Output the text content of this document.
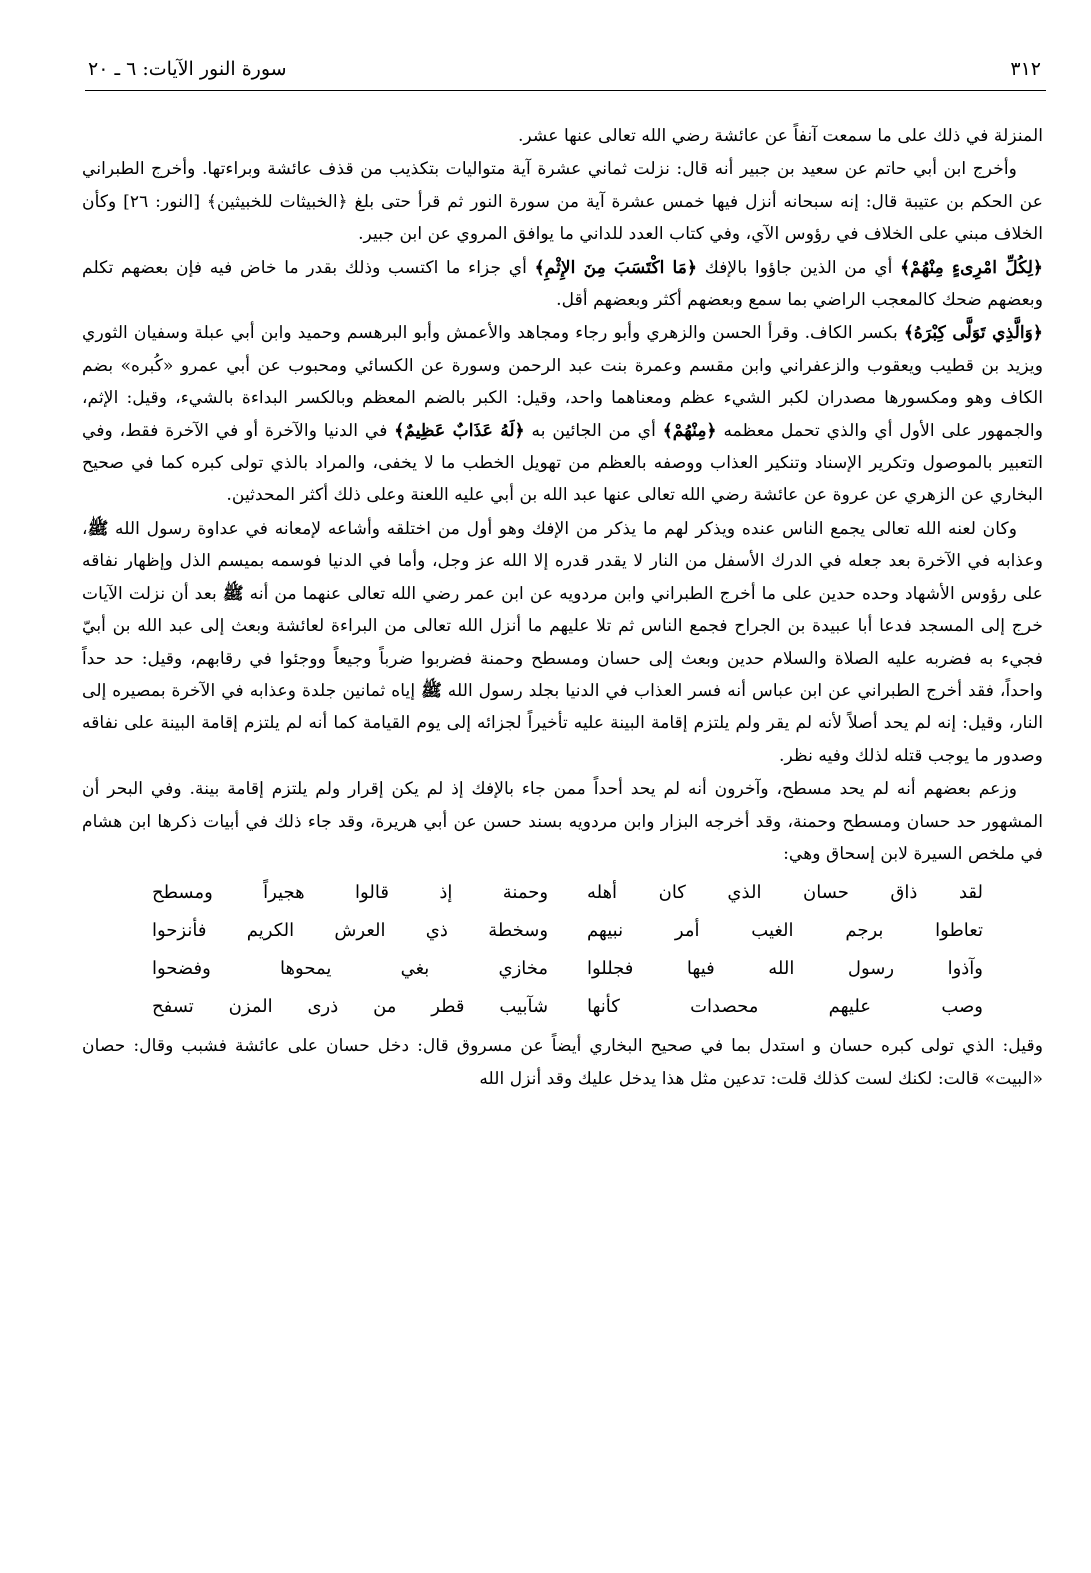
٣١٢
سورة النور الآيات: ٦ ـ ٢٠

المنزلة في ذلك على ما سمعت آنفاً عن عائشة رضي الله تعالى عنها عشر.

وأخرج ابن أبي حاتم عن سعيد بن جبير أنه قال: نزلت ثماني عشرة آية متواليات بتكذيب من قذف عائشة وبراءتها. وأخرج الطبراني عن الحكم بن عتيبة قال: إنه سبحانه أنزل فيها خمس عشرة آية من سورة النور ثم قرأ حتى بلغ ﴿الخبيثات للخبيثين﴾ [النور: ٢٦] وكأن الخلاف مبني على الخلاف في رؤوس الآي، وفي كتاب العدد للداني ما يوافق المروي عن ابن جبير.

﴿لِكُلِّ امْرِىءٍ مِنْهُمْ﴾ أي من الذين جاؤوا بالإفك ﴿مَا اكْتَسَبَ مِنَ الإِثْمِ﴾ أي جزاء ما اكتسب وذلك بقدر ما خاض فيه فإن بعضهم تكلم وبعضهم ضحك كالمعجب الراضي بما سمع وبعضهم أكثر وبعضهم أقل.

﴿وَالَّذِي تَوَلَّى كِبْرَهُ﴾ بكسر الكاف. وقرأ الحسن والزهري وأبو رجاء ومجاهد والأعمش وأبو البرهسم وحميد وابن أبي عبلة وسفيان الثوري ويزيد بن قطيب ويعقوب والزعفراني وابن مقسم وعمرة بنت عبد الرحمن وسورة عن الكسائي ومحبوب عن أبي عمرو «كُبره» بضم الكاف وهو ومكسورها مصدران لكبر الشيء عظم ومعناهما واحد، وقيل: الكبر بالضم المعظم وبالكسر البداءة بالشيء، وقيل: الإثم، والجمهور على الأول أي والذي تحمل معظمه ﴿مِنْهُمْ﴾ أي من الجائين به ﴿لَهُ عَذَابٌ عَظِيمٌ﴾ في الدنيا والآخرة أو في الآخرة فقط، وفي التعبير بالموصول وتكرير الإسناد وتنكير العذاب ووصفه بالعظم من تهويل الخطب ما لا يخفى، والمراد بالذي تولى كبره كما في صحيح البخاري عن الزهري عن عروة عن عائشة رضي الله تعالى عنها عبد الله بن أبي عليه اللعنة وعلى ذلك أكثر المحدثين.

وكان لعنه الله تعالى يجمع الناس عنده ويذكر لهم ما يذكر من الإفك وهو أول من اختلقه وأشاعه لإمعانه في عداوة رسول الله ﷺ، وعذابه في الآخرة بعد جعله في الدرك الأسفل من النار لا يقدر قدره إلا الله عز وجل، وأما في الدنيا فوسمه بميسم الذل وإظهار نفاقه على رؤوس الأشهاد وحده حدين على ما أخرج الطبراني وابن مردويه عن ابن عمر رضي الله تعالى عنهما من أنه ﷺ بعد أن نزلت الآيات خرج إلى المسجد فدعا أبا عبيدة بن الجراح فجمع الناس ثم تلا عليهم ما أنزل الله تعالى من البراءة لعائشة وبعث إلى عبد الله بن أبيّ فجيء به فضربه عليه الصلاة والسلام حدين وبعث إلى حسان ومسطح وحمنة فضربوا ضرباً وجيعاً ووجئوا في رقابهم، وقيل: حد حداً واحداً، فقد أخرج الطبراني عن ابن عباس أنه فسر العذاب في الدنيا بجلد رسول الله ﷺ إياه ثمانين جلدة وعذابه في الآخرة بمصيره إلى النار، وقيل: إنه لم يحد أصلاً لأنه لم يقر ولم يلتزم إقامة البينة عليه تأخيراً لجزائه إلى يوم القيامة كما أنه لم يلتزم إقامة البينة على نفاقه وصدور ما يوجب قتله لذلك وفيه نظر.

وزعم بعضهم أنه لم يحد مسطح، وآخرون أنه لم يحد أحداً ممن جاء بالإفك إذ لم يكن إقرار ولم يلتزم إقامة بينة. وفي البحر أن المشهور حد حسان ومسطح وحمنة، وقد أخرجه البزار وابن مردويه بسند حسن عن أبي هريرة، وقد جاء ذلك في أبيات ذكرها ابن هشام في ملخص السيرة لابن إسحاق وهي:

لقد ذاق حسان الذي كان أهله
وحمنة إذ قالوا هجيراً ومسطح
تعاطوا برجم الغيب أمر نبيهم
وسخطة ذي العرش الكريم فأنزحوا
وآذوا رسول الله فيها فجللوا
مخازي بغي يمحوها وفضحوا
وصب عليهم محصدات كأنها
شآبيب قطر من ذرى المزن تسفح

وقيل: الذي تولى كبره حسان و استدل بما في صحيح البخاري أيضاً عن مسروق قال: دخل حسان على عائشة فشبب وقال: حصان «البيت» قالت: لكنك لست كذلك قلت: تدعين مثل هذا يدخل عليك وقد أنزل الله
